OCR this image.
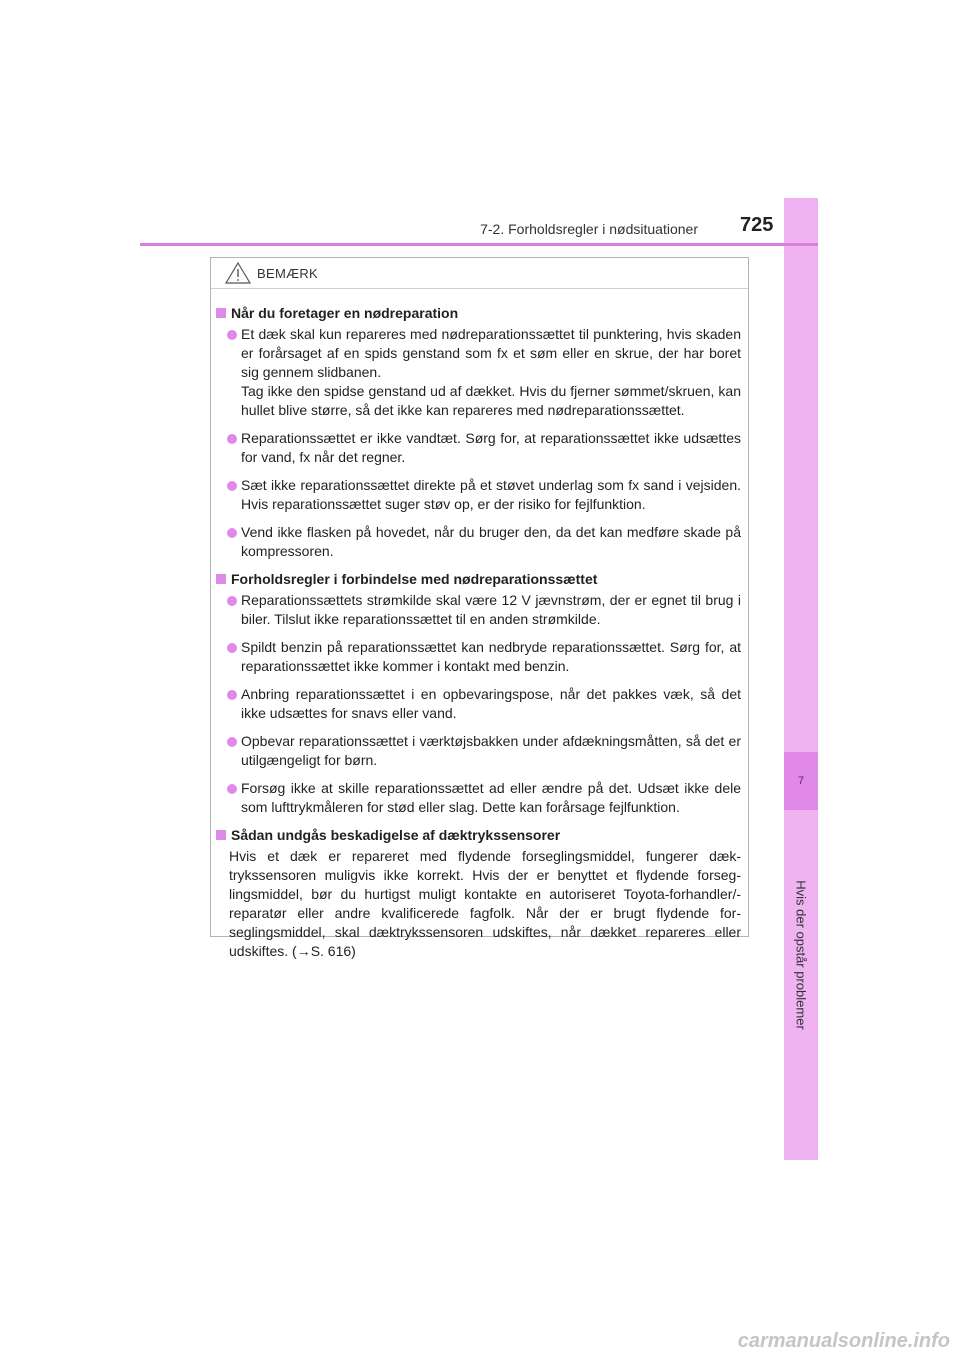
7
Hvis der opstår problemer
7-2. Forholdsregler i nødsituationer 725
BEMÆRK
Når du foretager en nødreparation
Et dæk skal kun repareres med nødreparationssættet til punktering, hvis skaden er forårsaget af en spids genstand som fx et søm eller en skrue, der har boret sig gennem slidbanen.
Tag ikke den spidse genstand ud af dækket. Hvis du fjerner sømmet/skruen, kan hullet blive større, så det ikke kan repareres med nødreparationssættet.
Reparationssættet er ikke vandtæt. Sørg for, at reparationssættet ikke udsættes for vand, fx når det regner.
Sæt ikke reparationssættet direkte på et støvet underlag som fx sand i vejsiden. Hvis reparationssættet suger støv op, er der risiko for fejlfunktion.
Vend ikke flasken på hovedet, når du bruger den, da det kan medføre skade på kompressoren.
Forholdsregler i forbindelse med nødreparationssættet
Reparationssættets strømkilde skal være 12 V jævnstrøm, der er egnet til brug i biler. Tilslut ikke reparationssættet til en anden strømkilde.
Spildt benzin på reparationssættet kan nedbryde reparationssættet. Sørg for, at reparationssættet ikke kommer i kontakt med benzin.
Anbring reparationssættet i en opbevaringspose, når det pakkes væk, så det ikke udsættes for snavs eller vand.
Opbevar reparationssættet i værktøjsbakken under afdækningsmåtten, så det er utilgængeligt for børn.
Forsøg ikke at skille reparationssættet ad eller ændre på det. Udsæt ikke dele som lufttrykmåleren for stød eller slag. Dette kan forårsage fejlfunktion.
Sådan undgås beskadigelse af dæktrykssensorer
Hvis et dæk er repareret med flydende forseglingsmiddel, fungerer dæktrykssensoren muligvis ikke korrekt. Hvis der er benyttet et flydende forseglingsmiddel, bør du hurtigst muligt kontakte en autoriseret Toyota-forhandler/-reparatør eller andre kvalificerede fagfolk. Når der er brugt flydende forseglingsmiddel, skal dæktrykssensoren udskiftes, når dækket repareres eller udskiftes. (→S. 616)
carmanualsonline.info
